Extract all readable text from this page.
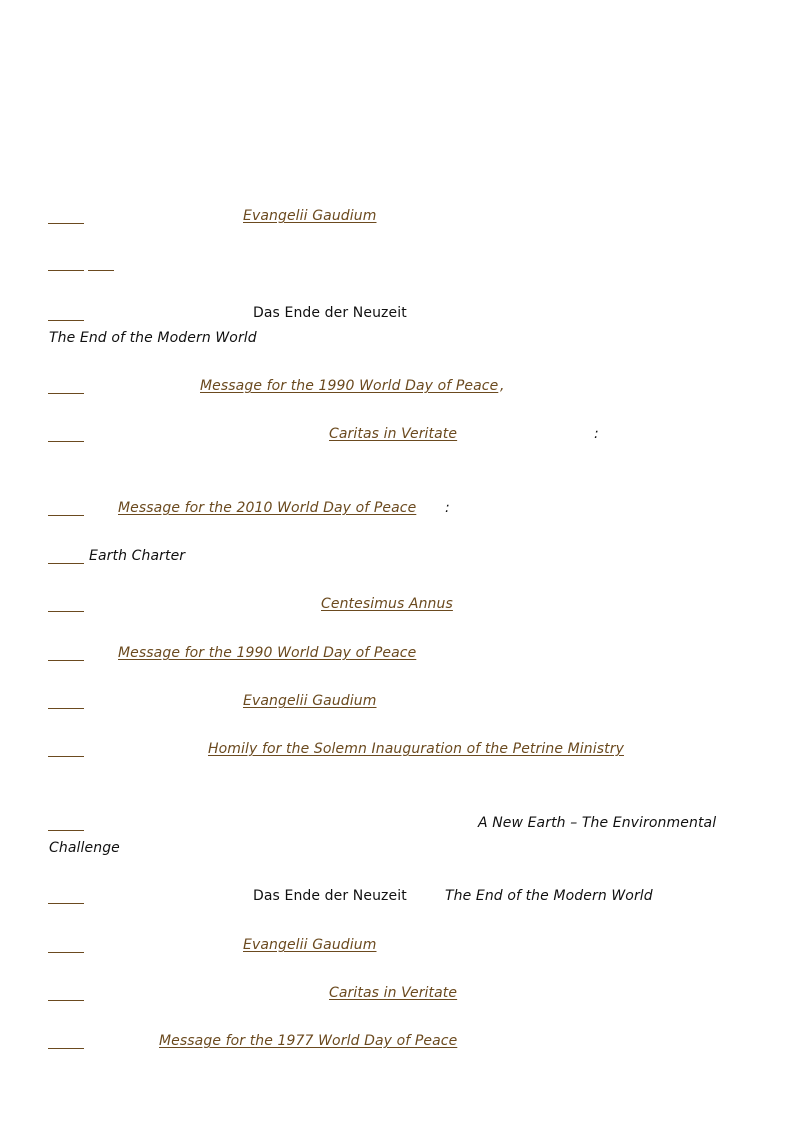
Evangelii Gaudium
Das Ende der Neuzeit
The End of the Modern World
Message for the 1990 World Day of Peace ,
Caritas in Veritate	:
Message for the 2010 World Day of Peace :
Earth Charter
Centesimus Annus
Message for the 1990 World Day of Peace
Evangelii Gaudium
Homily for the Solemn Inauguration of the Petrine Ministry
A New Earth – The Environmental
Challenge
Das Ende der Neuzeit	The End of the Modern World
Evangelii Gaudium
Caritas in Veritate
Message for the 1977 World Day of Peace
